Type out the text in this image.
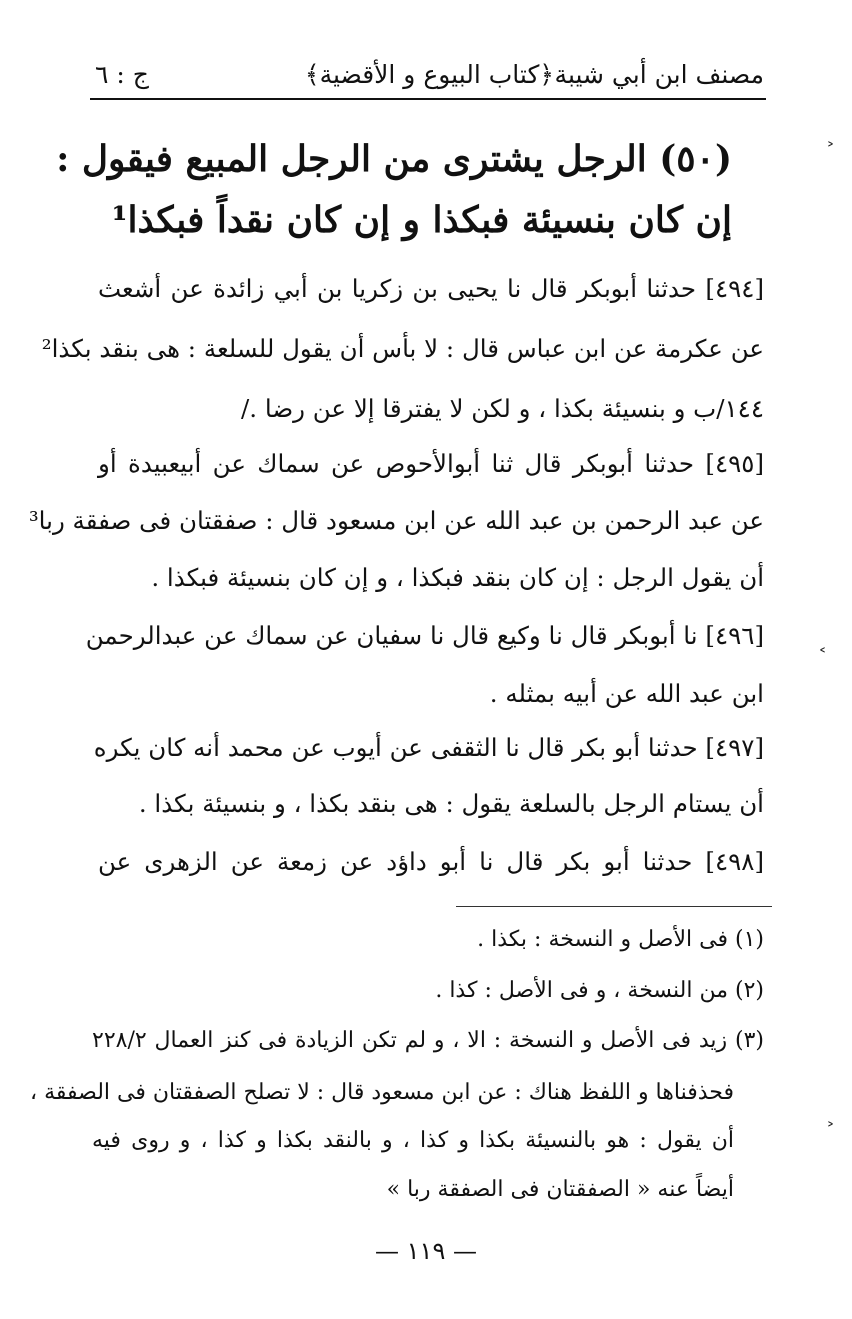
مصنف ابن أبي شيبة
﴿كتاب البيوع و الأقضية﴾
ج : ٦
(٥٠) الرجل يشترى من الرجل المبيع فيقول :
إن كان بنسيئة فبكذا و إن كان نقداً فبكذا¹
[٤٩٤] حدثنا أبوبكر قال نا يحيى بن زكريا بن أبي زائدة عن أشعث
عن عكرمة عن ابن عباس قال : لا بأس أن يقول للسلعة : هى بنقد بكذا²
١٤٤/ب و بنسيئة بكذا ، و لكن لا يفترقا إلا عن رضا ./
[٤٩٥] حدثنا أبوبكر قال ثنا أبوالأحوص عن سماك عن أبيعبيدة أو
عن عبد الرحمن بن عبد الله عن ابن مسعود قال : صفقتان فى صفقة ربا³
أن يقول الرجل : إن كان بنقد فبكذا ، و إن كان بنسيئة فبكذا .
[٤٩٦] نا أبوبكر قال نا وكيع قال نا سفيان عن سماك عن عبدالرحمن
ابن عبد الله عن أبيه بمثله .
[٤٩٧] حدثنا أبو بكر قال نا الثقفى عن أيوب عن محمد أنه كان يكره
أن يستام الرجل بالسلعة يقول : هى بنقد بكذا ، و بنسيئة بكذا .
[٤٩٨] حدثنا أبو بكر قال نا أبو داؤد عن زمعة عن الزهرى عن
(١) فى الأصل و النسخة : بكذا .
(٢) من النسخة ، و فى الأصل : كذا .
(٣) زيد فى الأصل و النسخة : الا ، و لم تكن الزيادة فى كنز العمال ٢٢٨/٢
فحذفناها و اللفظ هناك : عن ابن مسعود قال : لا تصلح الصفقتان فى الصفقة ،
أن يقول : هو بالنسيئة بكذا و كذا ، و بالنقد بكذا و كذا ، و روى فيه
أيضاً عنه « الصفقتان فى الصفقة ربا »
— ١١٩ —
˃
˂
˃
